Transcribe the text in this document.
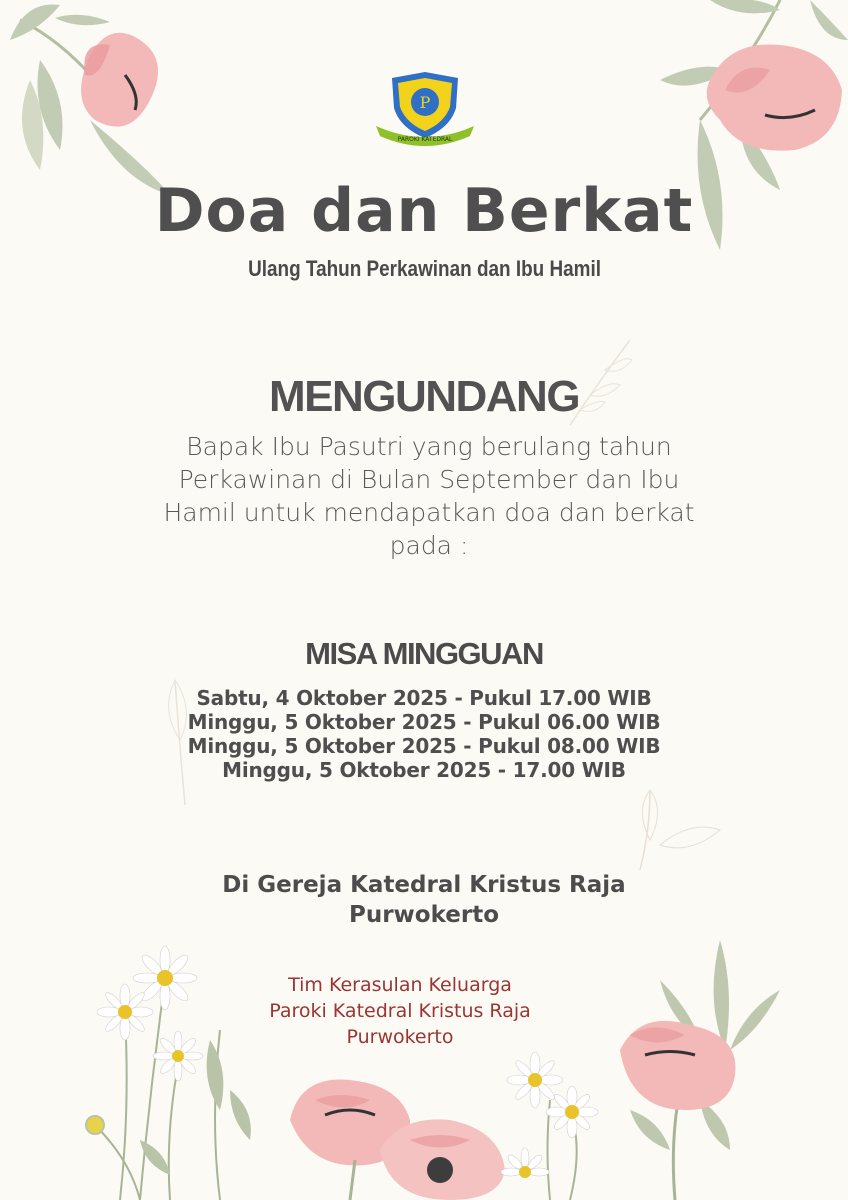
P
PAROKI KATEDRAL
Doa dan Berkat
Ulang Tahun Perkawinan dan Ibu Hamil
MENGUNDANG
Bapak Ibu Pasutri yang berulang tahun
Perkawinan di Bulan September dan Ibu
Hamil untuk mendapatkan doa dan berkat
pada :
MISA MINGGUAN
Sabtu, 4 Oktober 2025 - Pukul 17.00 WIB
Minggu, 5 Oktober 2025 - Pukul 06.00 WIB
Minggu, 5 Oktober 2025 - Pukul 08.00 WIB
Minggu, 5 Oktober 2025 - 17.00 WIB
Di Gereja Katedral Kristus Raja
Purwokerto
Tim Kerasulan Keluarga
Paroki Katedral Kristus Raja
Purwokerto
